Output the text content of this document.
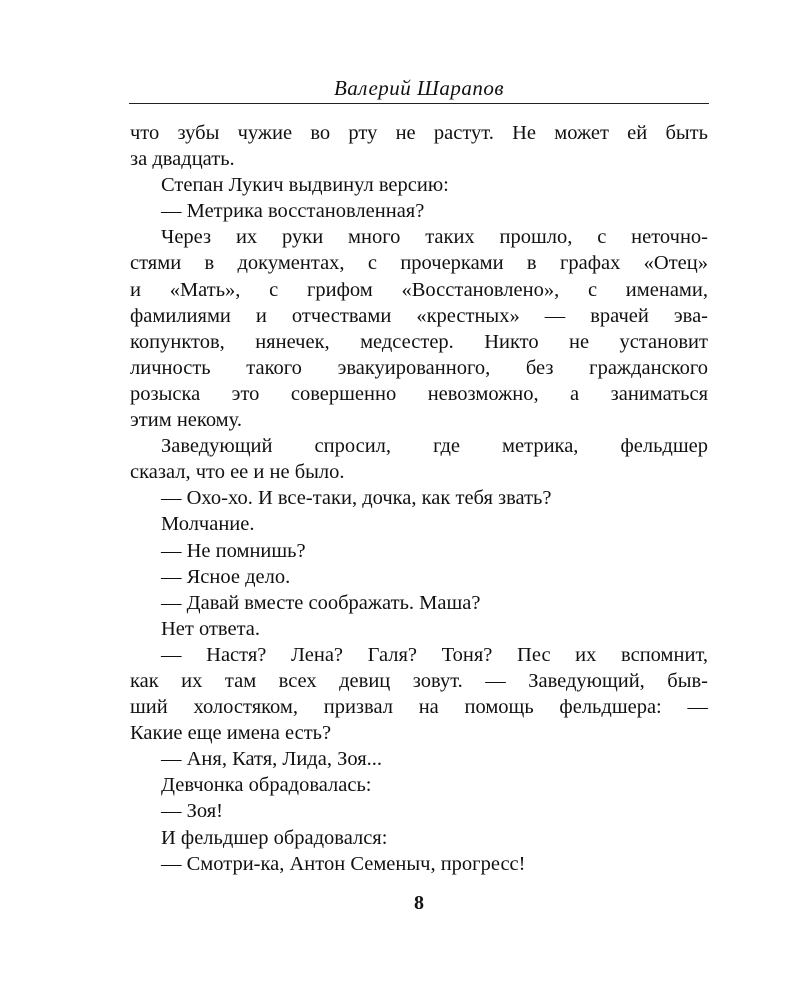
Валерий Шарапов
что зубы чужие во рту не растут. Не может ей быть
за двадцать.
Степан Лукич выдвинул версию:
— Метрика восстановленная?
Через их руки много таких прошло, с неточно-
стями в документах, с прочерками в графах «Отец»
и «Мать», с грифом «Восстановлено», с именами,
фамилиями и отчествами «крестных» — врачей эва-
копунктов, нянечек, медсестер. Никто не установит
личность такого эвакуированного, без гражданского
розыска это совершенно невозможно, а заниматься
этим некому.
Заведующий спросил, где метрика, фельдшер
сказал, что ее и не было.
— Охо-хо. И все-таки, дочка, как тебя звать?
Молчание.
— Не помнишь?
— Ясное дело.
— Давай вместе соображать. Маша?
Нет ответа.
— Настя? Лена? Галя? Тоня? Пес их вспомнит,
как их там всех девиц зовут. — Заведующий, быв-
ший холостяком, призвал на помощь фельдшера: —
Какие еще имена есть?
— Аня, Катя, Лида, Зоя...
Девчонка обрадовалась:
— Зоя!
И фельдшер обрадовался:
— Смотри-ка, Антон Семеныч, прогресс!
8
